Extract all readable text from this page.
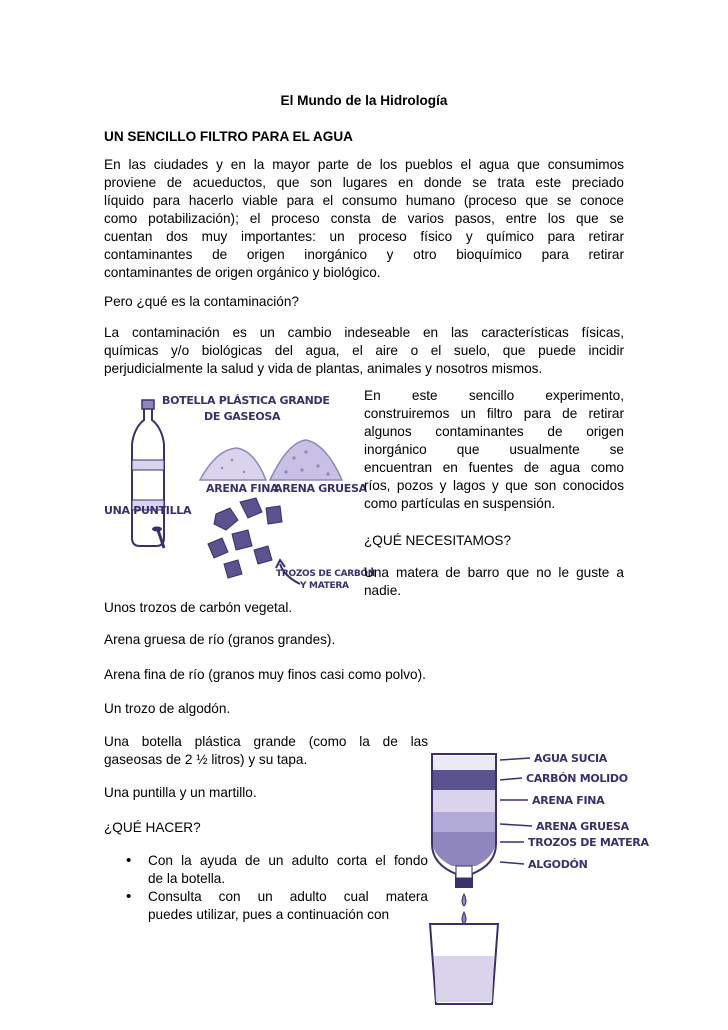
El Mundo de la Hidrología

UN SENCILLO FILTRO PARA EL AGUA

En las ciudades y en la mayor parte de los pueblos el agua que consumimos
proviene de acueductos, que son lugares en donde se trata este preciado
líquido para hacerlo viable para el consumo humano (proceso que se conoce
como potabilización); el proceso consta de varios pasos, entre los que se
cuentan dos muy importantes: un proceso físico y químico para retirar
contaminantes de origen inorgánico y otro bioquímico para retirar
contaminantes de origen orgánico y biológico.

Pero ¿qué es la contaminación?

La contaminación es un cambio indeseable en las características físicas,
químicas y/o biológicas del agua, el aire o el suelo, que puede incidir
perjudicialmente la salud y vida de plantas, animales y nosotros mismos.
BOTELLA PLÁSTICA GRANDE
DE GASEOSA
ARENA FINA
ARENA GRUESA
UNA PUNTILLA
TROZOS DE CARBÓN
Y MATERA
En este sencillo experimento,
construiremos un filtro para de retirar
algunos contaminantes de origen
inorgánico que usualmente se
encuentran en fuentes de agua como
ríos, pozos y lagos y que son conocidos
como partículas en suspensión.

¿QUÉ NECESITAMOS?

Una matera de barro que no le guste a
nadie.

Unos trozos de carbón vegetal.

Arena gruesa de río (granos grandes).

Arena fina de río (granos muy finos casi como polvo).

Un trozo de algodón.

Una botella plástica grande (como la de las
gaseosas de 2 ½ litros) y su tapa.

Una puntilla y un martillo.

¿QUÉ HACER?

• Con la ayuda de un adulto corta el fondo
de la botella.
• Consulta con un adulto cual matera
puedes utilizar, pues a continuación con
AGUA SUCIA
CARBÓN MOLIDO
ARENA FINA
ARENA GRUESA
TROZOS DE MATERA
ALGODÓN
